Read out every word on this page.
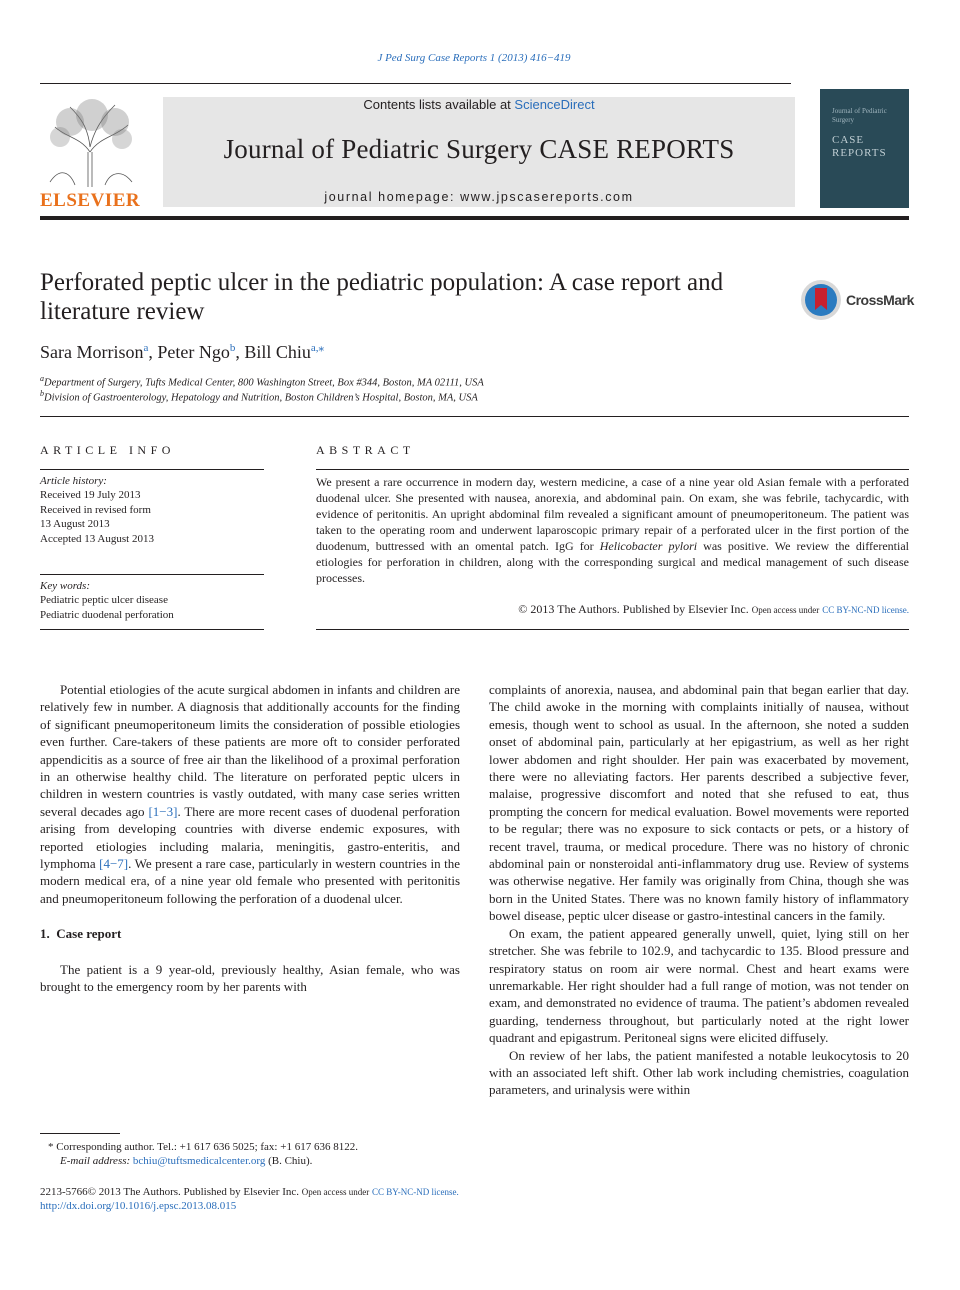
J Ped Surg Case Reports 1 (2013) 416−419
ELSEVIER
Contents lists available at ScienceDirect
Journal of Pediatric Surgery CASE REPORTS
journal homepage: www.jpscasereports.com
Journal of Pediatric Surgery
CASE
REPORTS
Perforated peptic ulcer in the pediatric population: A case report and literature review	CrossMark
Sara Morrison$^a$, Peter Ngo$^b$, Bill Chiu$^{a,⁎}$
$^a$Department of Surgery, Tufts Medical Center, 800 Washington Street, Box #344, Boston, MA 02111, USA
$^b$Division of Gastroenterology, Hepatology and Nutrition, Boston Children’s Hospital, Boston, MA, USA
ARTICLE INFO
Article history:
Received 19 July 2013
Received in revised form
13 August 2013
Accepted 13 August 2013
Key words:
Pediatric peptic ulcer disease
Pediatric duodenal perforation
ABSTRACT
We present a rare occurrence in modern day, western medicine, a case of a nine year old Asian female with a perforated duodenal ulcer. She presented with nausea, anorexia, and abdominal pain. On exam, she was febrile, tachycardic, with evidence of peritonitis. An upright abdominal film revealed a significant amount of pneumoperitoneum. The patient was taken to the operating room and underwent laparoscopic primary repair of a perforated ulcer in the first portion of the duodenum, buttressed with an omental patch. IgG for Helicobacter pylori was positive. We review the differential etiologies for perforation in children, along with the corresponding surgical and medical management of such disease processes.
© 2013 The Authors. Published by Elsevier Inc. Open access under CC BY-NC-ND license.

Potential etiologies of the acute surgical abdomen in infants and children are relatively few in number. A diagnosis that additionally accounts for the finding of significant pneumoperitoneum limits the consideration of possible etiologies even further. Care-takers of these patients are more oft to consider perforated appendicitis as a source of free air than the likelihood of a proximal perforation in an otherwise healthy child. The literature on perforated peptic ulcers in children in western countries is vastly outdated, with many case series written several decades ago [1−3]. There are more recent cases of duodenal perforation arising from developing countries with diverse endemic exposures, with reported etiologies including malaria, meningitis, gastro-enteritis, and lymphoma [4−7]. We present a rare case, particularly in western countries in the modern medical era, of a nine year old female who presented with peritonitis and pneumoperitoneum following the perforation of a duodenal ulcer.

1. Case report

The patient is a 9 year-old, previously healthy, Asian female, who was brought to the emergency room by her parents with

complaints of anorexia, nausea, and abdominal pain that began earlier that day. The child awoke in the morning with complaints initially of nausea, without emesis, though went to school as usual. In the afternoon, she noted a sudden onset of abdominal pain, particularly at her epigastrium, as well as her right lower abdomen and right shoulder. Her pain was exacerbated by movement, there were no alleviating factors. Her parents described a subjective fever, malaise, progressive discomfort and noted that she refused to eat, thus prompting the concern for medical evaluation. Bowel movements were reported to be regular; there was no exposure to sick contacts or pets, or a history of recent travel, trauma, or medical procedure. There was no history of chronic abdominal pain or nonsteroidal anti-inflammatory drug use. Review of systems was otherwise negative. Her family was originally from China, though she was born in the United States. There was no known family history of inflammatory bowel disease, peptic ulcer disease or gastro-intestinal cancers in the family.

On exam, the patient appeared generally unwell, quiet, lying still on her stretcher. She was febrile to 102.9, and tachycardic to 135. Blood pressure and respiratory status on room air were normal. Chest and heart exams were unremarkable. Her right shoulder had a full range of motion, was not tender on exam, and demonstrated no evidence of trauma. The patient’s abdomen revealed guarding, tenderness throughout, but particularly noted at the right lower quadrant and epigastrum. Peritoneal signs were elicited diffusely.

On review of her labs, the patient manifested a notable leukocytosis to 20 with an associated left shift. Other lab work including chemistries, coagulation parameters, and urinalysis were within

* Corresponding author. Tel.: +1 617 636 5025; fax: +1 617 636 8122.
E-mail address: bchiu@tuftsmedicalcenter.org (B. Chiu).
2213-5766© 2013 The Authors. Published by Elsevier Inc. Open access under CC BY-NC-ND license.
http://dx.doi.org/10.1016/j.epsc.2013.08.015
